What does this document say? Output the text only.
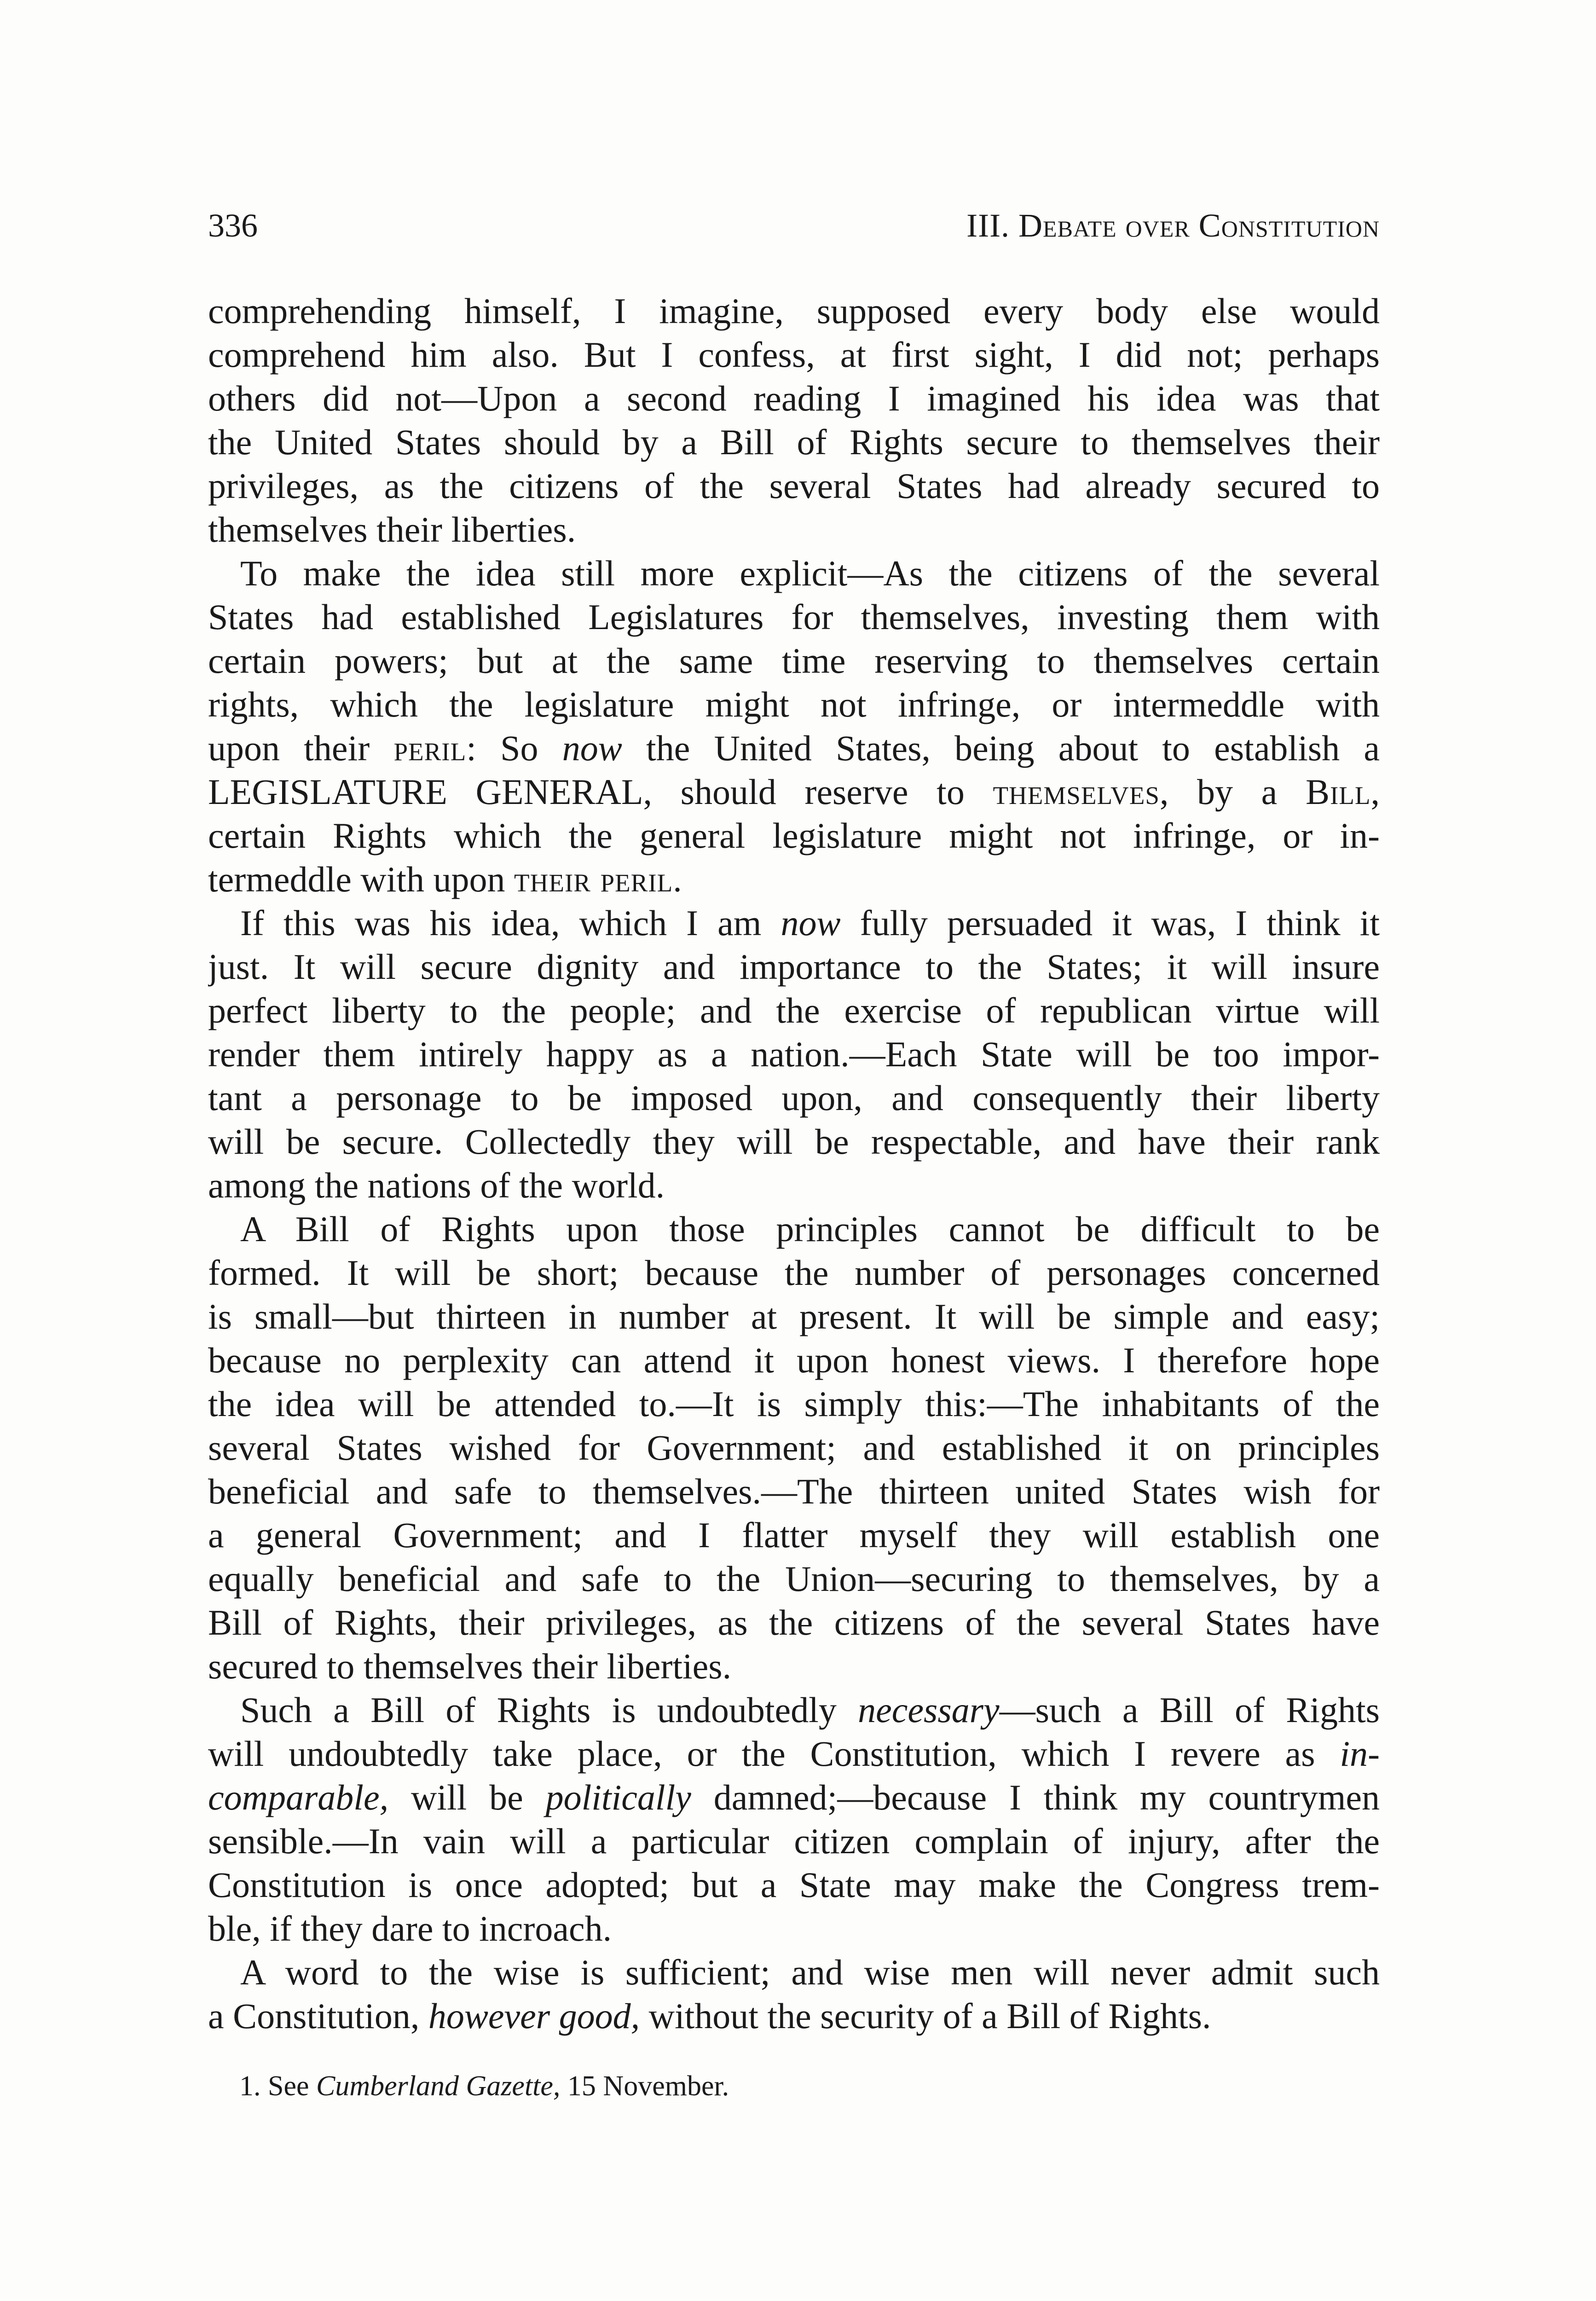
336	III. Debate over Constitution
comprehending himself, I imagine, supposed every body else would
comprehend him also. But I confess, at first sight, I did not; perhaps
others did not—Upon a second reading I imagined his idea was that
the United States should by a Bill of Rights secure to themselves their
privileges, as the citizens of the several States had already secured to
themselves their liberties.
To make the idea still more explicit—As the citizens of the several
States had established Legislatures for themselves, investing them with
certain powers; but at the same time reserving to themselves certain
rights, which the legislature might not infringe, or intermeddle with
upon their peril: So now the United States, being about to establish a
LEGISLATURE GENERAL, should reserve to themselves, by a Bill,
certain Rights which the general legislature might not infringe, or in-
termeddle with upon their peril.
If this was his idea, which I am now fully persuaded it was, I think it
just. It will secure dignity and importance to the States; it will insure
perfect liberty to the people; and the exercise of republican virtue will
render them intirely happy as a nation.—Each State will be too impor-
tant a personage to be imposed upon, and consequently their liberty
will be secure. Collectedly they will be respectable, and have their rank
among the nations of the world.
A Bill of Rights upon those principles cannot be difficult to be
formed. It will be short; because the number of personages concerned
is small—but thirteen in number at present. It will be simple and easy;
because no perplexity can attend it upon honest views. I therefore hope
the idea will be attended to.—It is simply this:—The inhabitants of the
several States wished for Government; and established it on principles
beneficial and safe to themselves.—The thirteen united States wish for
a general Government; and I flatter myself they will establish one
equally beneficial and safe to the Union—securing to themselves, by a
Bill of Rights, their privileges, as the citizens of the several States have
secured to themselves their liberties.
Such a Bill of Rights is undoubtedly necessary—such a Bill of Rights
will undoubtedly take place, or the Constitution, which I revere as in-
comparable, will be politically damned;—because I think my countrymen
sensible.—In vain will a particular citizen complain of injury, after the
Constitution is once adopted; but a State may make the Congress trem-
ble, if they dare to incroach.
A word to the wise is sufficient; and wise men will never admit such
a Constitution, however good, without the security of a Bill of Rights.
1. See Cumberland Gazette, 15 November.
